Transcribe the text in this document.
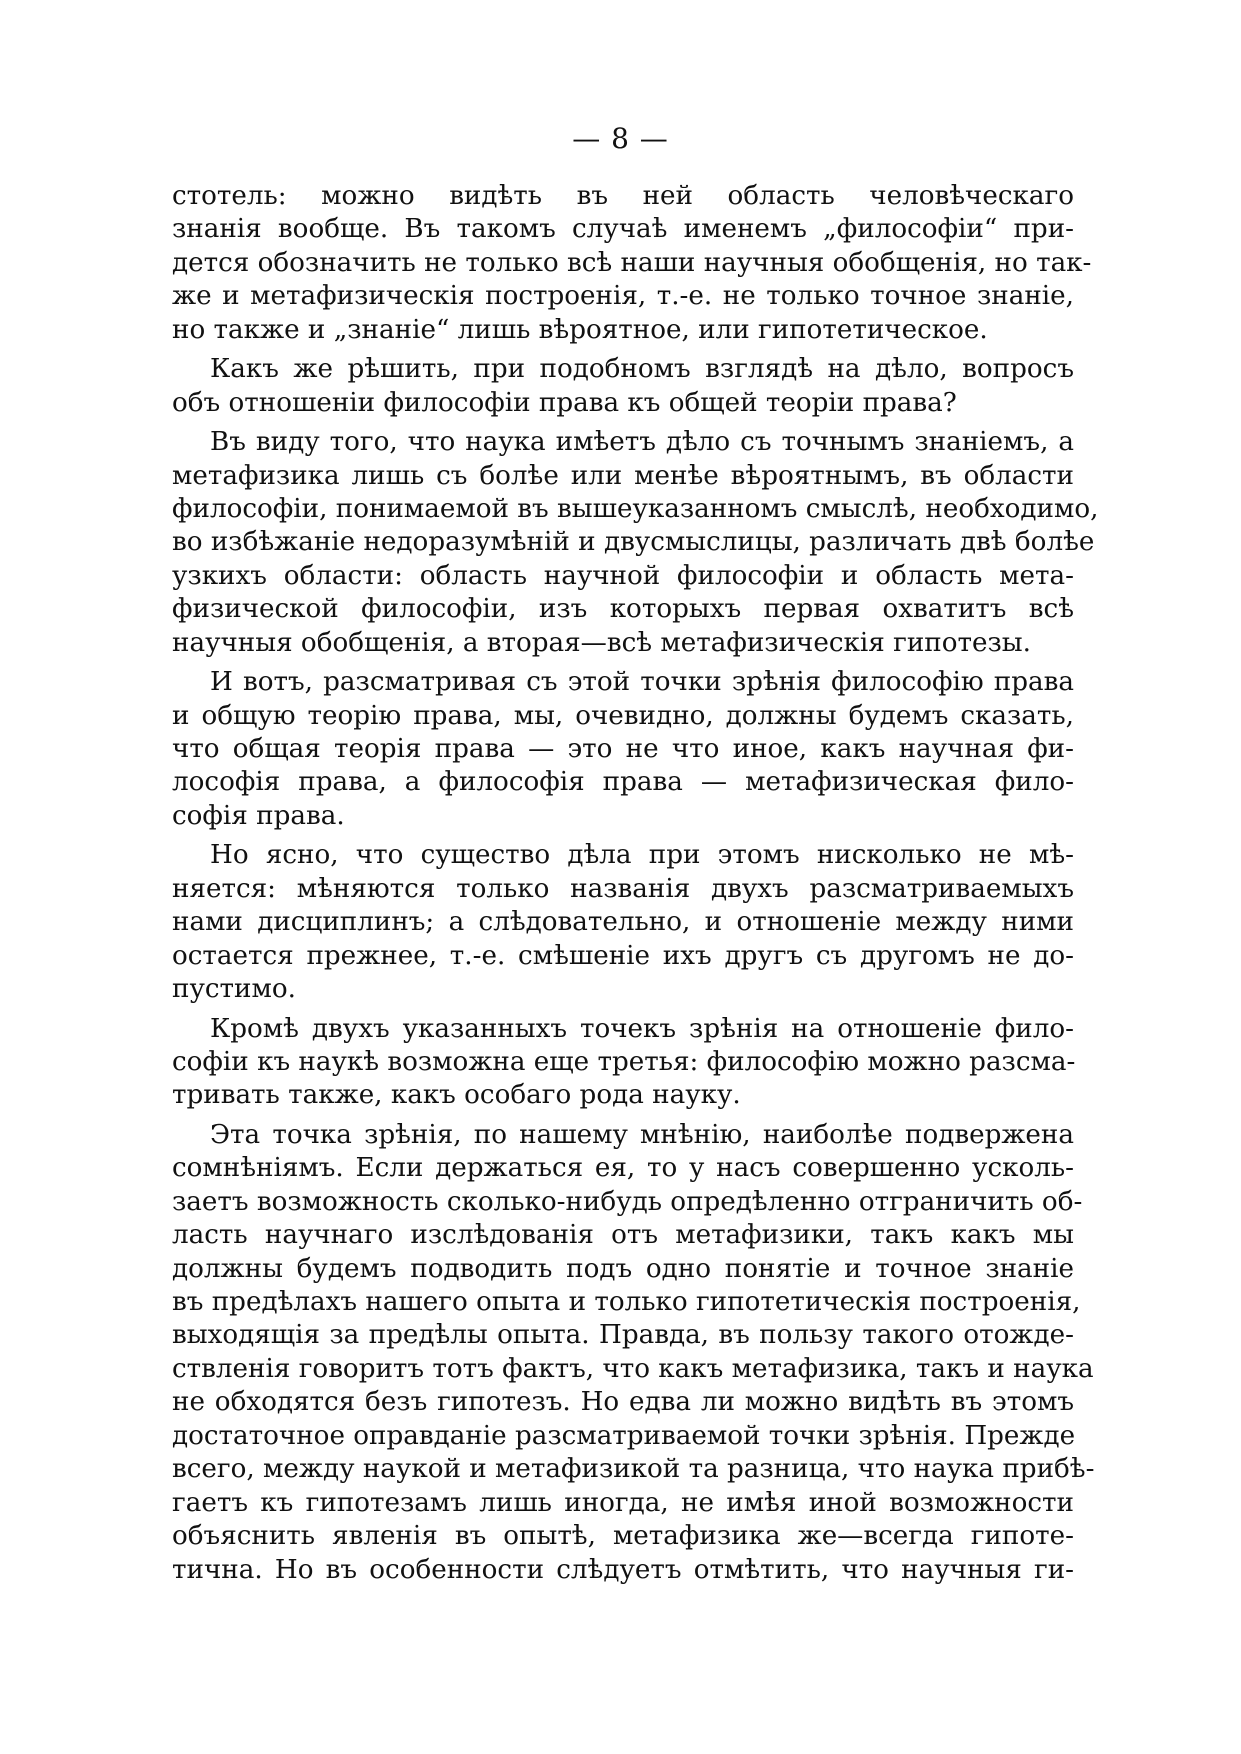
— 8 —
стотель: можно видѣть въ ней область человѣческаго
знанія вообще. Въ такомъ случаѣ именемъ „философіи“ при-
дется обозначить не только всѣ наши научныя обобщенія, но так-
же и метафизическія построенія, т.-е. не только точное знаніе,
но также и „знаніе“ лишь вѣроятное, или гипотетическое.
Какъ же рѣшить, при подобномъ взглядѣ на дѣло, вопросъ
объ отношеніи философіи права къ общей теоріи права?
Въ виду того, что наука имѣетъ дѣло съ точнымъ знаніемъ, а
метафизика лишь съ болѣе или менѣе вѣроятнымъ, въ области
философіи, понимаемой въ вышеуказанномъ смыслѣ, необходимо,
во избѣжаніе недоразумѣній и двусмыслицы, различать двѣ болѣе
узкихъ области: область научной философіи и область мета-
физической философіи, изъ которыхъ первая охватитъ всѣ
научныя обобщенія, а вторая—всѣ метафизическія гипотезы.
И вотъ, разсматривая съ этой точки зрѣнія философію права
и общую теорію права, мы, очевидно, должны будемъ сказать,
что общая теорія права — это не что иное, какъ научная фи-
лософія права, а философія права — метафизическая фило-
софія права.
Но ясно, что существо дѣла при этомъ нисколько не мѣ-
няется: мѣняются только названія двухъ разсматриваемыхъ
нами дисциплинъ; а слѣдовательно, и отношеніе между ними
остается прежнее, т.-е. смѣшеніе ихъ другъ съ другомъ не до-
пустимо.
Кромѣ двухъ указанныхъ точекъ зрѣнія на отношеніе фило-
софіи къ наукѣ возможна еще третья: философію можно разсма-
тривать также, какъ особаго рода науку.
Эта точка зрѣнія, по нашему мнѣнію, наиболѣе подвержена
сомнѣніямъ. Если держаться ея, то у насъ совершенно усколь-
заетъ возможность сколько-нибудь опредѣленно отграничить об-
ласть научнаго изслѣдованія отъ метафизики, такъ какъ мы
должны будемъ подводить подъ одно понятіе и точное знаніе
въ предѣлахъ нашего опыта и только гипотетическія построенія,
выходящія за предѣлы опыта. Правда, въ пользу такого отожде-
ствленія говоритъ тотъ фактъ, что какъ метафизика, такъ и наука
не обходятся безъ гипотезъ. Но едва ли можно видѣть въ этомъ
достаточное оправданіе разсматриваемой точки зрѣнія. Прежде
всего, между наукой и метафизикой та разница, что наука прибѣ-
гаетъ къ гипотезамъ лишь иногда, не имѣя иной возможности
объяснить явленія въ опытѣ, метафизика же—всегда гипоте-
тична. Но въ особенности слѣдуетъ отмѣтить, что научныя ги-
